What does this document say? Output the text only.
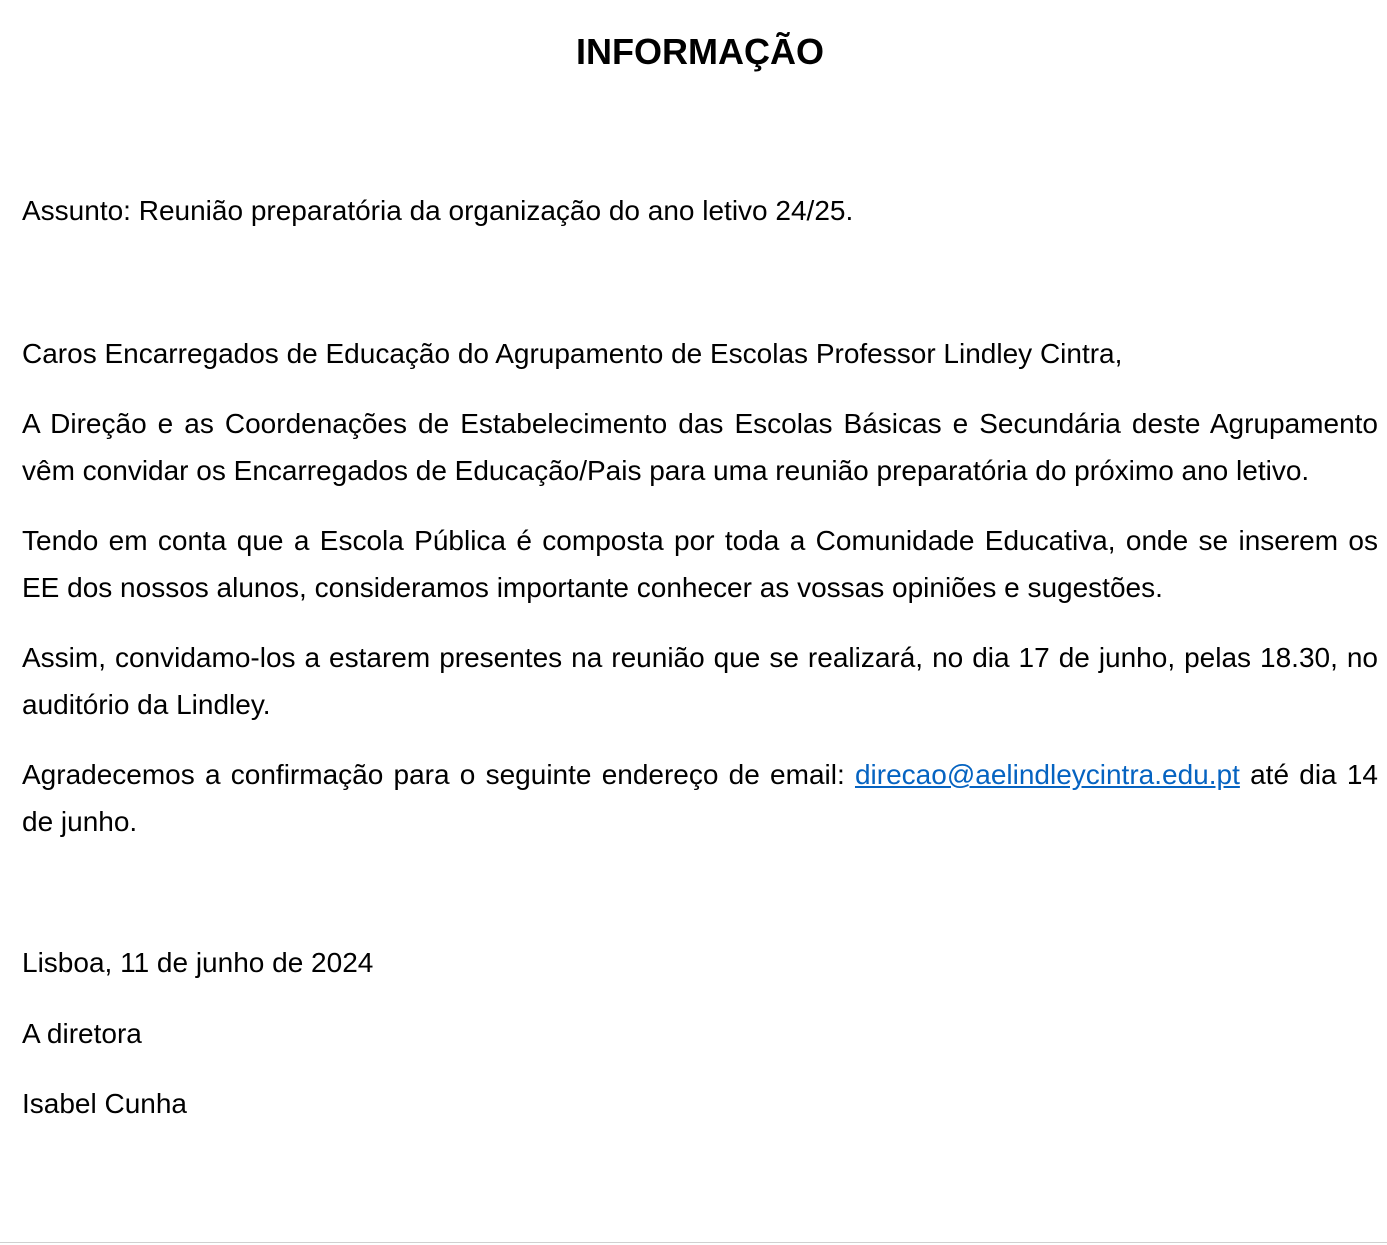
INFORMAÇÃO

Assunto: Reunião preparatória da organização do ano letivo 24/25.

Caros Encarregados de Educação do Agrupamento de Escolas Professor Lindley Cintra,

A Direção e as Coordenações de Estabelecimento das Escolas Básicas e Secundária deste Agrupamento vêm convidar os Encarregados de Educação/Pais para uma reunião preparatória do próximo ano letivo.

Tendo em conta que a Escola Pública é composta por toda a Comunidade Educativa, onde se inserem os EE dos nossos alunos, consideramos importante conhecer as vossas opiniões e sugestões.

Assim, convidamo-los a estarem presentes na reunião que se realizará, no dia 17 de junho, pelas 18.30, no auditório da Lindley.

Agradecemos a confirmação para o seguinte endereço de email: direcao@aelindleycintra.edu.pt até dia 14 de junho.

Lisboa, 11 de junho de 2024

A diretora

Isabel Cunha
